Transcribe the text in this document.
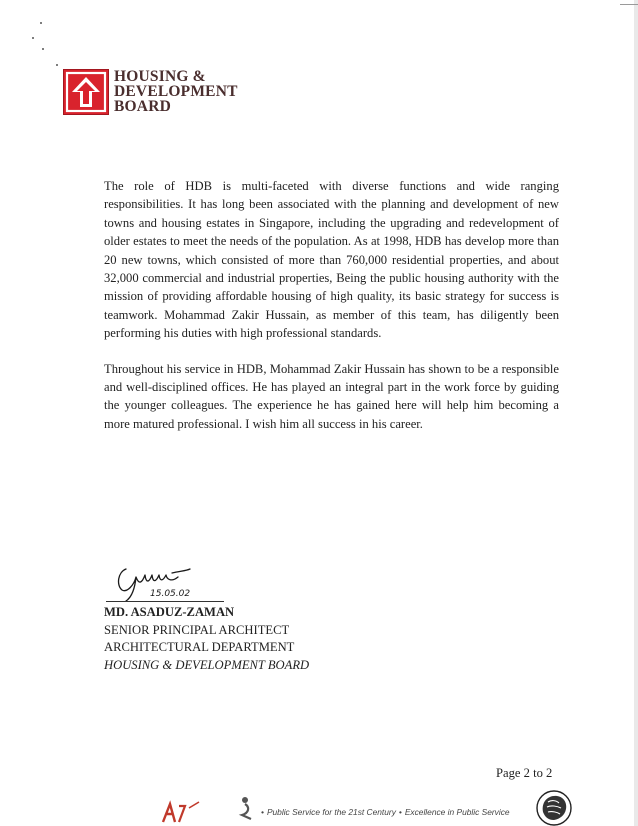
HOUSING &
DEVELOPMENT
BOARD

The role of HDB is multi-faceted with diverse functions and wide ranging responsibilities. It has long been associated with the planning and development of new towns and housing estates in Singapore, including the upgrading and redevelopment of older estates to meet the needs of the population. As at 1998, HDB has develop more than 20 new towns, which consisted of more than 760,000 residential properties, and about 32,000 commercial and industrial properties, Being the public housing authority with the mission of providing affordable housing of high quality, its basic strategy for success is teamwork. Mohammad Zakir Hussain, as member of this team, has diligently been performing his duties with high professional standards.

Throughout his service in HDB, Mohammad Zakir Hussain has shown to be a responsible and well-disciplined offices. He has played an integral part in the work force by guiding the younger colleagues. The experience he has gained here will help him becoming a more matured professional. I wish him all success in his career.

15.05.02
MD. ASADUZ-ZAMAN
SENIOR PRINCIPAL ARCHITECT
ARCHITECTURAL DEPARTMENT
HOUSING & DEVELOPMENT BOARD
Page 2 to 2
• Public Service for the 21st Century • Excellence in Public Service
